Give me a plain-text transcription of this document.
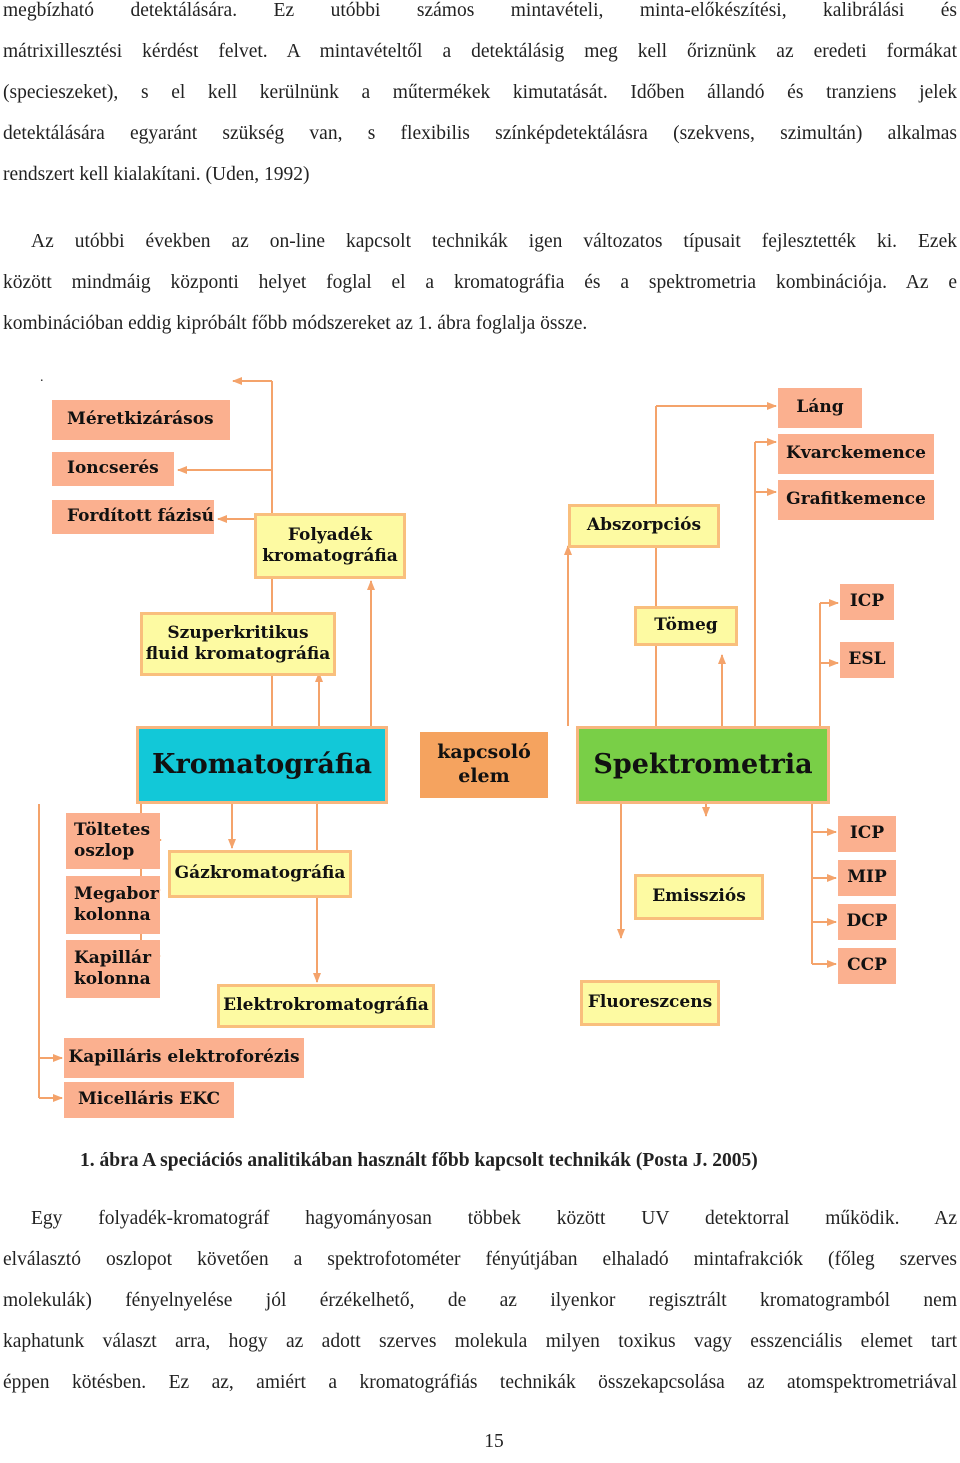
megbízható detektálására. Ez utóbbi számos mintavételi, minta-előkészítési, kalibrálási és
mátrixillesztési kérdést felvet. A mintavételtől a detektálásig meg kell őriznünk az eredeti formákat
(specieszeket), s el kell kerülnünk a műtermékek kimutatását. Időben állandó és tranziens jelek
detektálására egyaránt szükség van, s flexibilis színképdetektálásra (szekvens, szimultán) alkalmas
rendszert kell kialakítani. (Uden, 1992)
Az utóbbi években az on-line kapcsolt technikák igen változatos típusait fejlesztették ki. Ezek
között mindmáig központi helyet foglal el a kromatográfia és a spektrometria kombinációja. Az e
kombinációban eddig kipróbált főbb módszereket az 1. ábra foglalja össze.
.
Méretkizárásos
Ioncserés
Fordított fázisú
Folyadék kromatográfia
Szuperkritikus fluid kromatográfia
Kromatográfia	kapcsoló elem	Spektrometria
Töltetes oszlop
Megabor kolonna
Kapillár kolonna
Gázkromatográfia
Elektrokromatográfia
Kapilláris elektroforézis
Micelláris EKC
Abszorpciós
Láng
Kvarckemence
Grafitkemence
Tömeg
ICP
ESL
Emissziós
Fluoreszcens
ICP
MIP
DCP
CCP
1. ábra A speciációs analitikában használt főbb kapcsolt technikák (Posta J. 2005)
Egy folyadék-kromatográf hagyományosan többek között UV detektorral működik. Az
elválasztó oszlopot követően a spektrofotométer fényútjában elhaladó mintafrakciók (főleg szerves
molekulák) fényelnyelése jól érzékelhető, de az ilyenkor regisztrált kromatogramból nem
kaphatunk választ arra, hogy az adott szerves molekula milyen toxikus vagy esszenciális elemet tart
éppen kötésben. Ez az, amiért a kromatográfiás technikák összekapcsolása az atomspektrometriával
15
